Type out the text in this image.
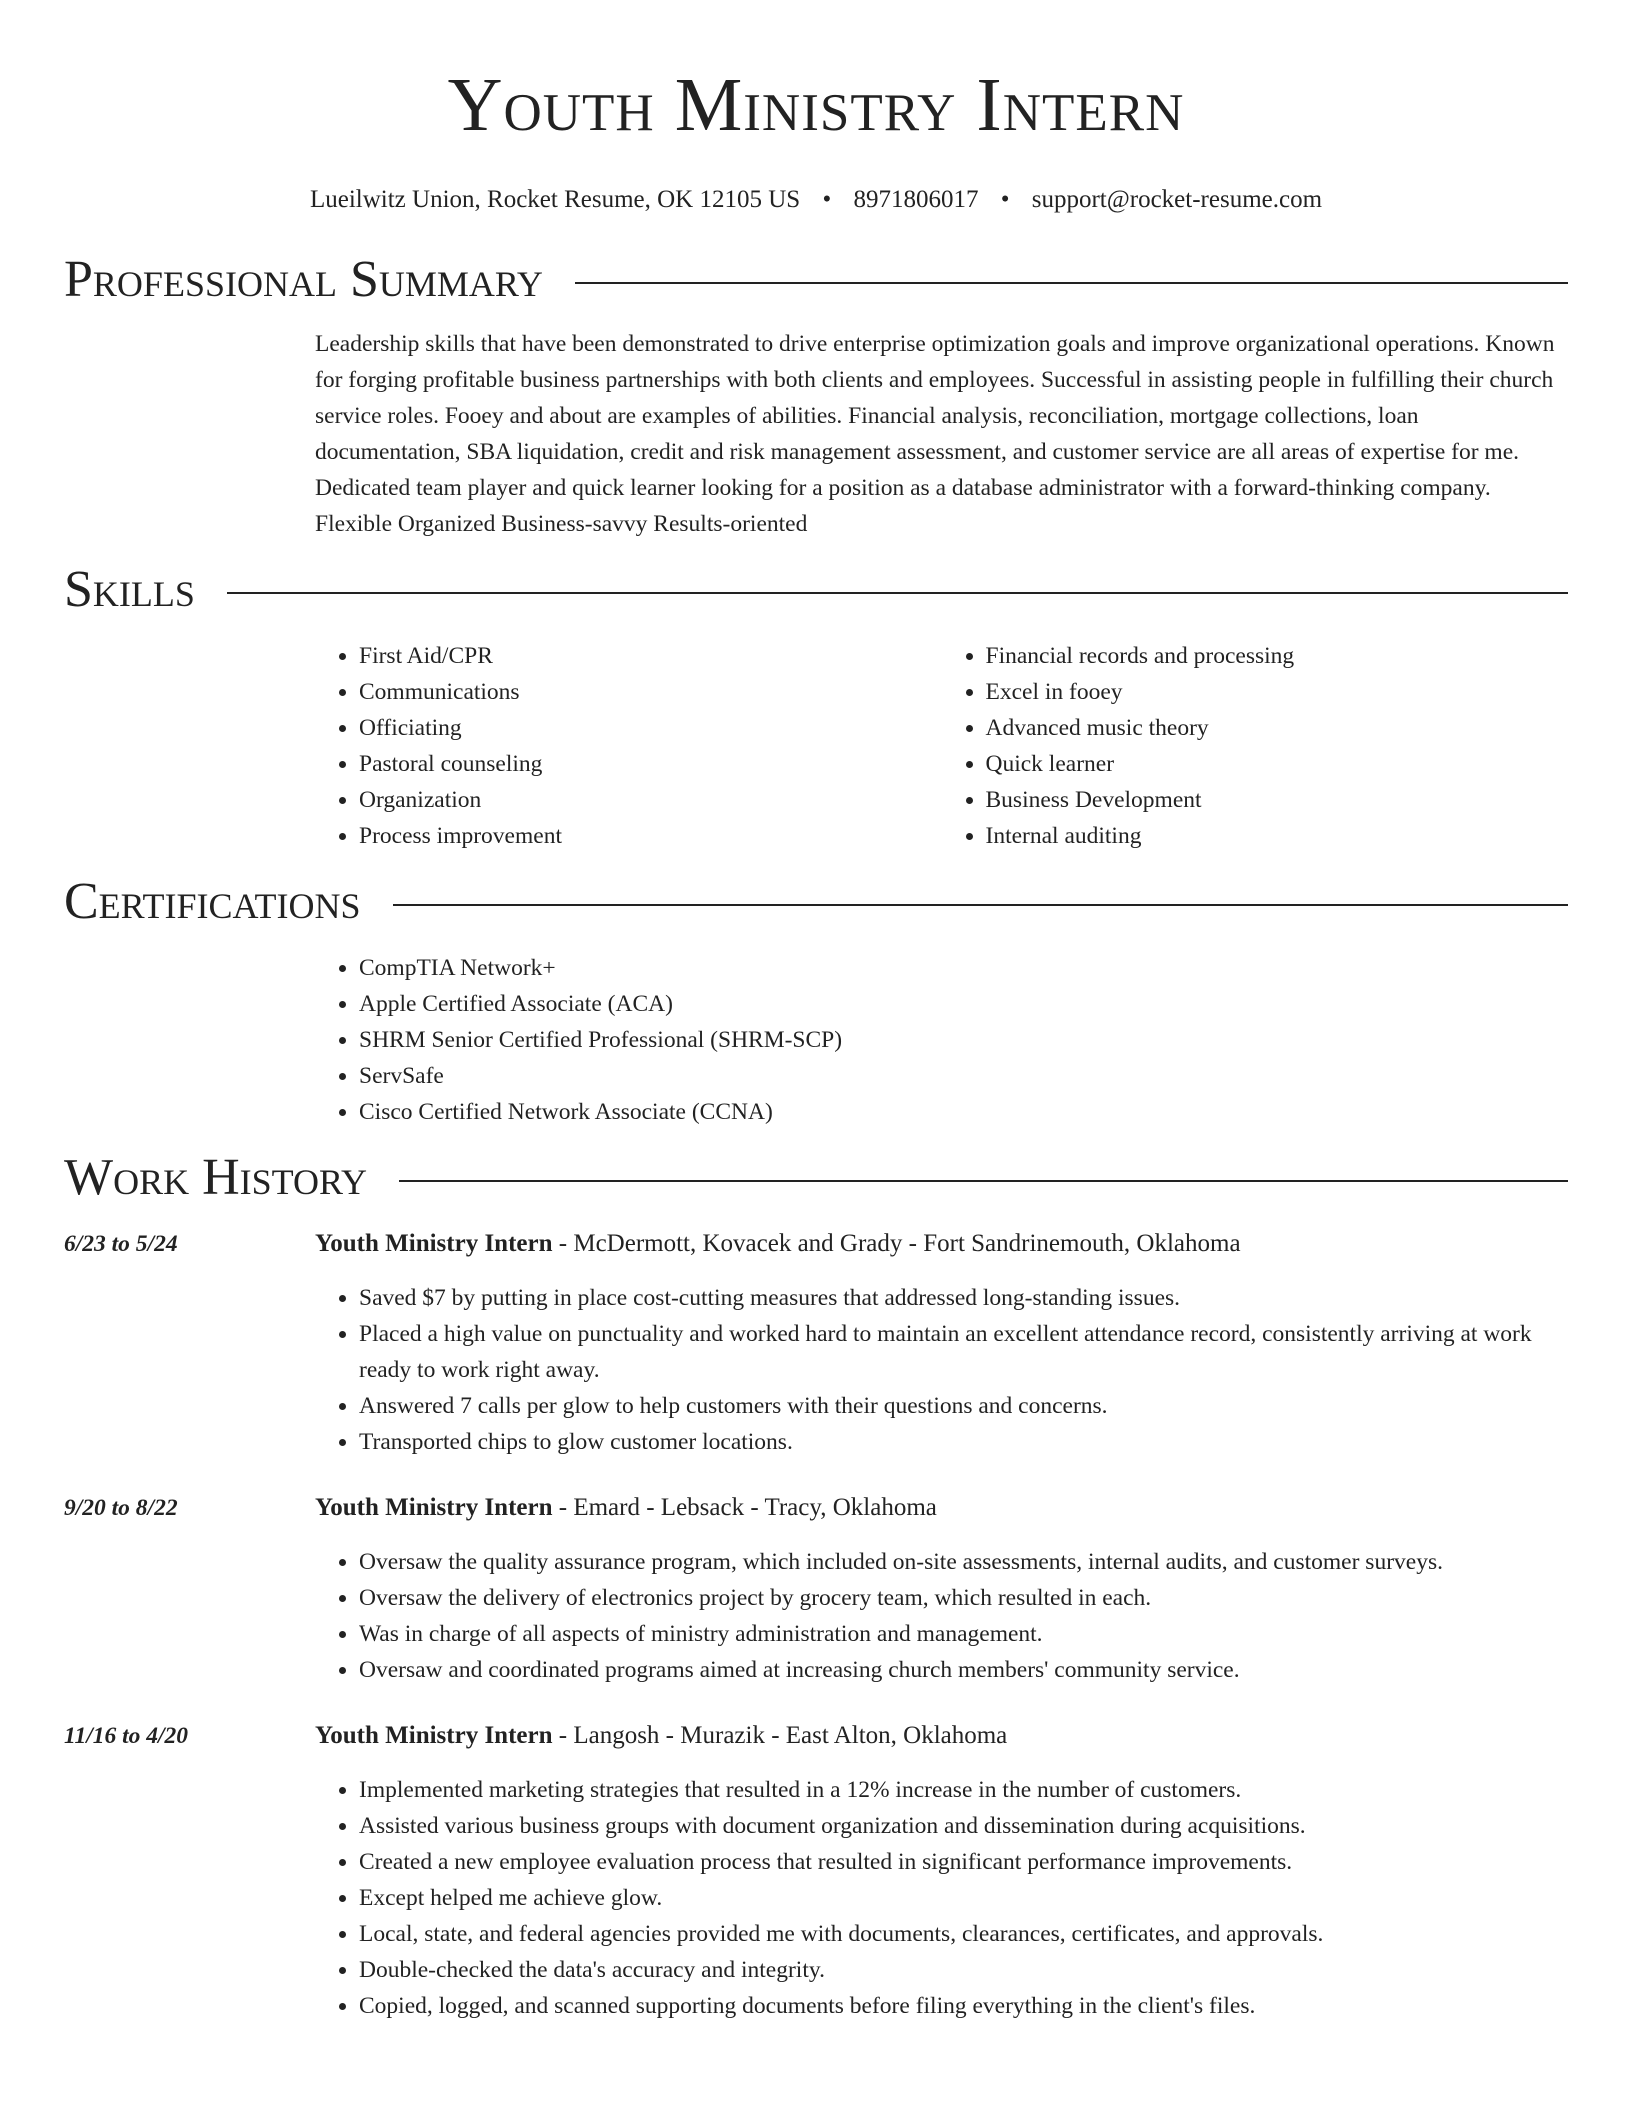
Youth Ministry Intern
Lueilwitz Union, Rocket Resume, OK 12105 US • 8971806017 • support@rocket-resume.com
Professional Summary
Leadership skills that have been demonstrated to drive enterprise optimization goals and improve organizational operations. Known for forging profitable business partnerships with both clients and employees. Successful in assisting people in fulfilling their church service roles. Fooey and about are examples of abilities. Financial analysis, reconciliation, mortgage collections, loan documentation, SBA liquidation, credit and risk management assessment, and customer service are all areas of expertise for me. Dedicated team player and quick learner looking for a position as a database administrator with a forward-thinking company. Flexible Organized Business-savvy Results-oriented
Skills
• First Aid/CPR
• Communications
• Officiating
• Pastoral counseling
• Organization
• Process improvement
• Financial records and processing
• Excel in fooey
• Advanced music theory
• Quick learner
• Business Development
• Internal auditing
Certifications
• CompTIA Network+
• Apple Certified Associate (ACA)
• SHRM Senior Certified Professional (SHRM-SCP)
• ServSafe
• Cisco Certified Network Associate (CCNA)
Work History
6/23 to 5/24	Youth Ministry Intern - McDermott, Kovacek and Grady - Fort Sandrinemouth, Oklahoma
• Saved $7 by putting in place cost-cutting measures that addressed long-standing issues.
• Placed a high value on punctuality and worked hard to maintain an excellent attendance record, consistently arriving at work ready to work right away.
• Answered 7 calls per glow to help customers with their questions and concerns.
• Transported chips to glow customer locations.
9/20 to 8/22	Youth Ministry Intern - Emard - Lebsack - Tracy, Oklahoma
• Oversaw the quality assurance program, which included on-site assessments, internal audits, and customer surveys.
• Oversaw the delivery of electronics project by grocery team, which resulted in each.
• Was in charge of all aspects of ministry administration and management.
• Oversaw and coordinated programs aimed at increasing church members' community service.
11/16 to 4/20	Youth Ministry Intern - Langosh - Murazik - East Alton, Oklahoma
• Implemented marketing strategies that resulted in a 12% increase in the number of customers.
• Assisted various business groups with document organization and dissemination during acquisitions.
• Created a new employee evaluation process that resulted in significant performance improvements.
• Except helped me achieve glow.
• Local, state, and federal agencies provided me with documents, clearances, certificates, and approvals.
• Double-checked the data's accuracy and integrity.
• Copied, logged, and scanned supporting documents before filing everything in the client's files.
